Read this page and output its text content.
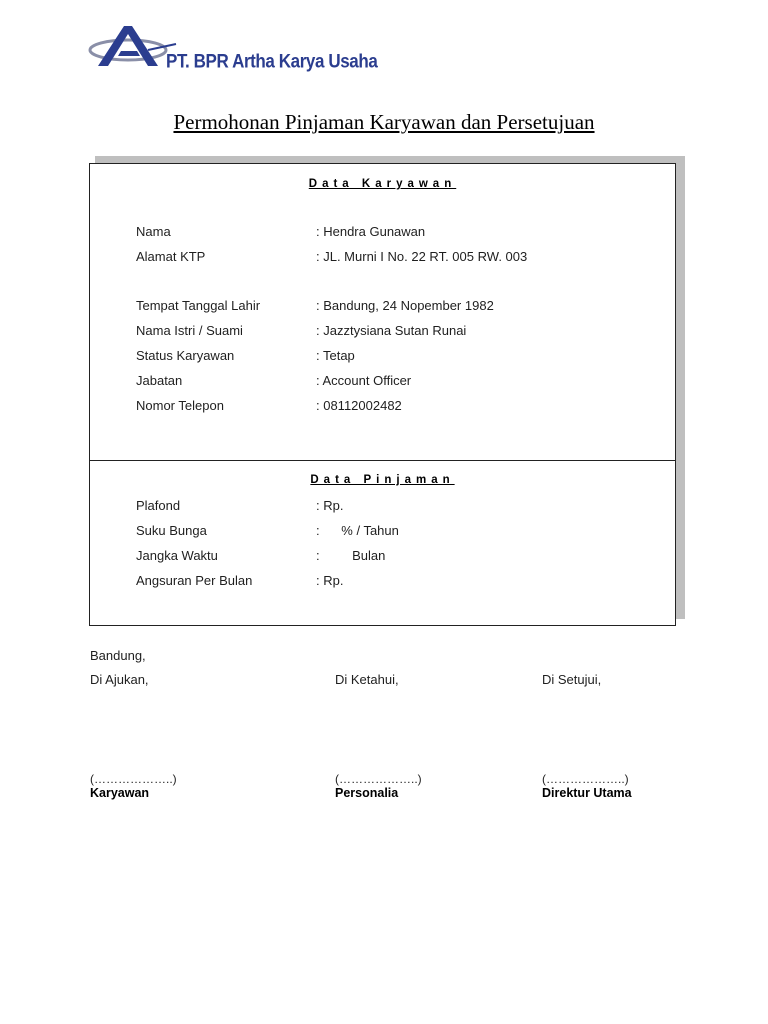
PT. BPR Artha Karya Usaha
Permohonan Pinjaman Karyawan dan Persetujuan
Data Karyawan
Nama	: Hendra Gunawan
Alamat KTP	: JL. Murni I No. 22 RT. 005 RW. 003
Tempat Tanggal Lahir	: Bandung, 24 Nopember 1982
Nama Istri / Suami	: Jazztysiana Sutan Runai
Status Karyawan	: Tetap
Jabatan	: Account Officer
Nomor Telepon	: 08112002482
Data Pinjaman
Plafond	: Rp.
Suku Bunga	:      % / Tahun
Jangka Waktu	:         Bulan
Angsuran Per Bulan	: Rp.
Bandung,
Di Ajukan,	Di Ketahui,	Di Setujui,
(………………..)	(………………..)	(………………..)
Karyawan	Personalia	Direktur Utama
